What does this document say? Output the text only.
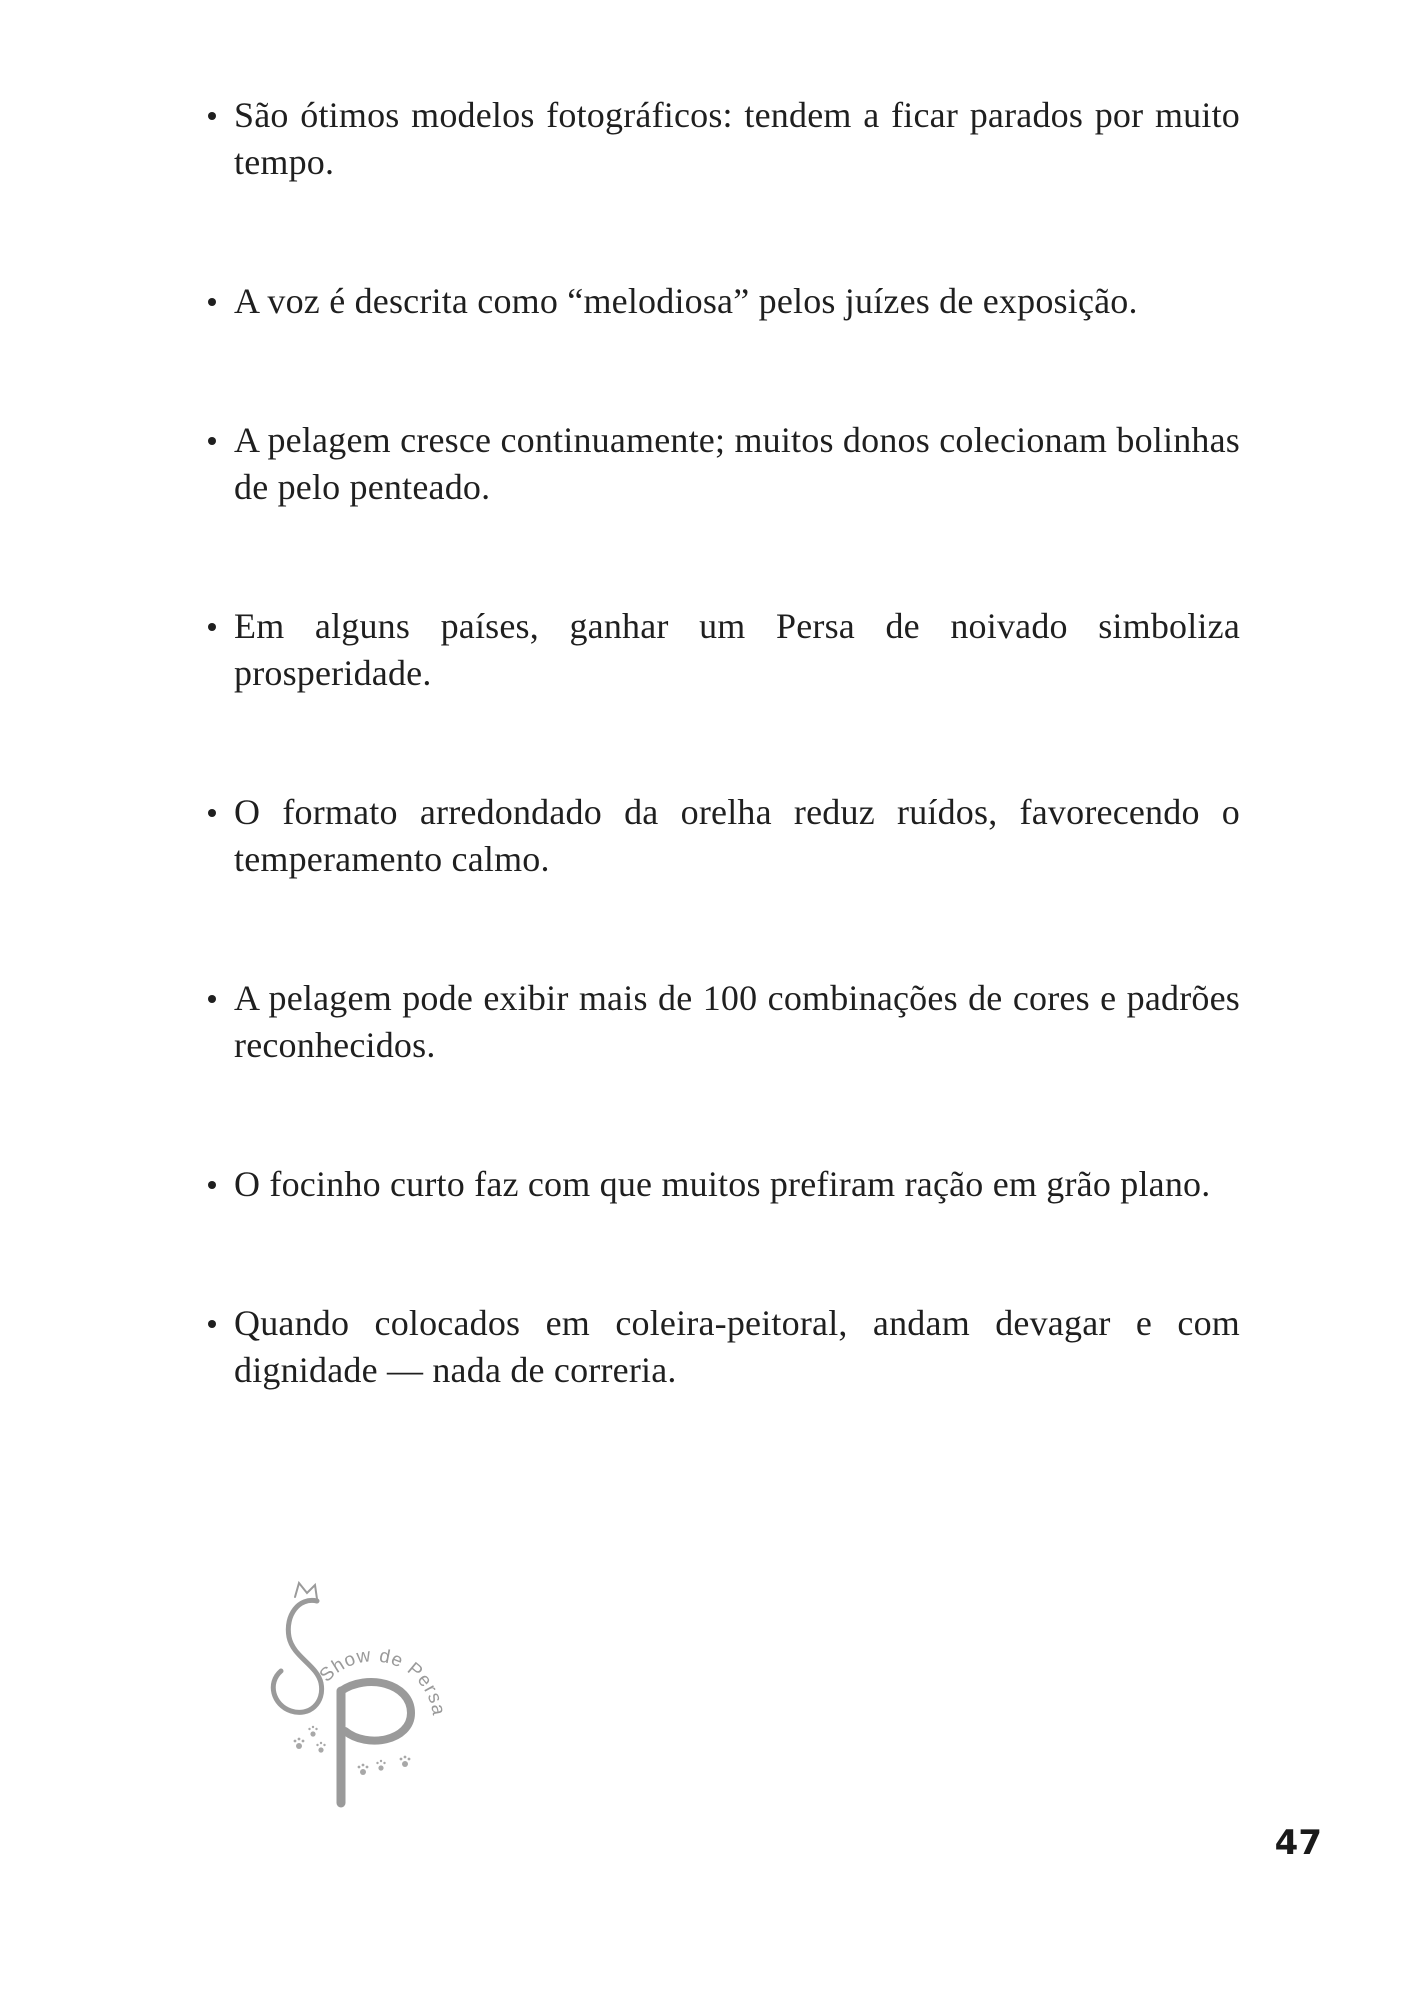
São ótimos modelos fotográficos: tendem a ficar parados por muito tempo.
A voz é descrita como “melodiosa” pelos juízes de exposição.
A pelagem cresce continuamente; muitos donos colecionam bolinhas de pelo penteado.
Em alguns países, ganhar um Persa de noivado simboliza prosperidade.
O formato arredondado da orelha reduz ruídos, favorecendo o temperamento calmo.
A pelagem pode exibir mais de 100 combinações de cores e padrões reconhecidos.
O focinho curto faz com que muitos prefiram ração em grão plano.
Quando colocados em coleira-peitoral, andam devagar e com dignidade — nada de correria.
Show de Persa
47
